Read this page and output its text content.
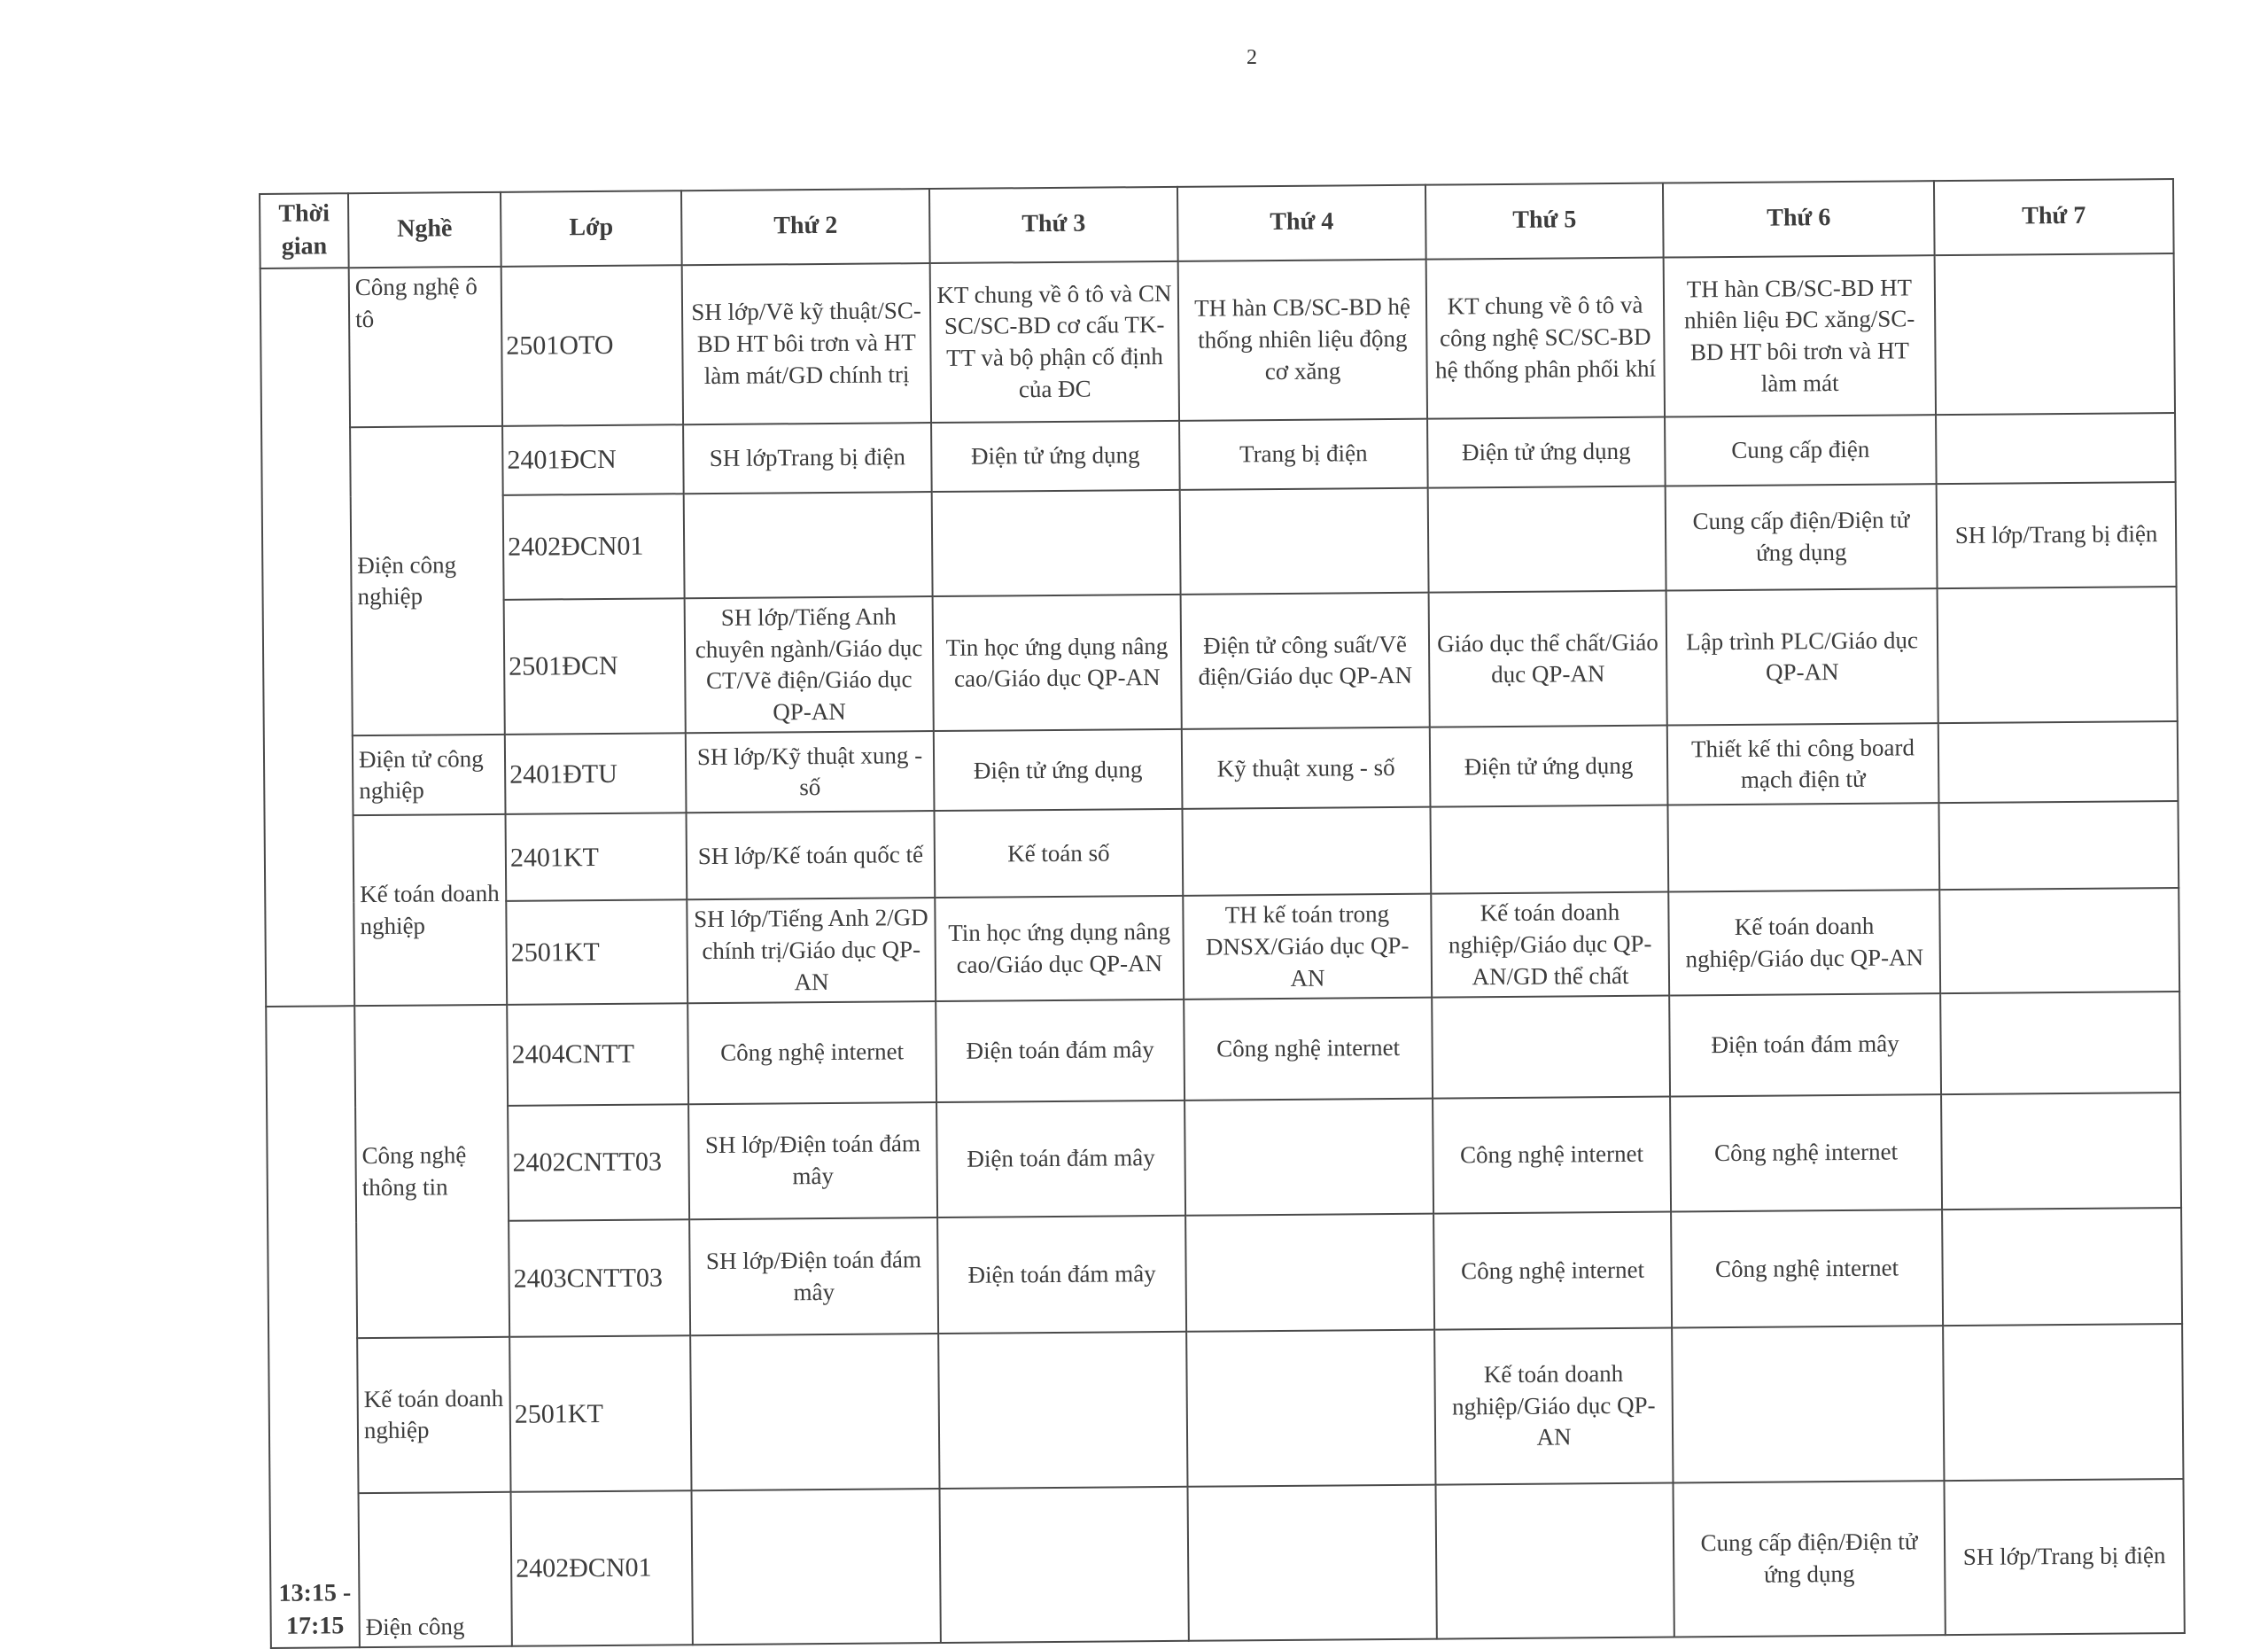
2
Thời gian	Nghề	Lớp	Thứ 2	Thứ 3	Thứ 4	Thứ 5	Thứ 6	Thứ 7
	Công nghệ ô tô	2501OTO	SH lớp/Vẽ kỹ thuật/SC-BD HT bôi trơn và HT làm mát/GD chính trị	KT chung về ô tô và CN SC/SC-BD cơ cấu TK-TT và bộ phận cố định của ĐC	TH hàn CB/SC-BD hệ thống nhiên liệu động cơ xăng	KT chung về ô tô và công nghệ SC/SC-BD hệ thống phân phối khí	TH hàn CB/SC-BD HT nhiên liệu ĐC xăng/SC-BD HT bôi trơn và HT làm mát	
	Điện công nghiệp	2401ĐCN	SH lớpTrang bị điện	Điện tử ứng dụng	Trang bị điện	Điện tử ứng dụng	Cung cấp điện	
		2402ĐCN01					Cung cấp điện/Điện tử ứng dụng	SH lớp/Trang bị điện
		2501ĐCN	SH lớp/Tiếng Anh chuyên ngành/Giáo dục CT/Vẽ điện/Giáo dục QP-AN	Tin học ứng dụng nâng cao/Giáo dục QP-AN	Điện tử công suất/Vẽ điện/Giáo dục QP-AN	Giáo dục thể chất/Giáo dục QP-AN	Lập trình PLC/Giáo dục QP-AN	
	Điện tử công nghiệp	2401ĐTU	SH lớp/Kỹ thuật xung - số	Điện tử ứng dụng	Kỹ thuật xung - số	Điện tử ứng dụng	Thiết kế thi công board mạch điện tử	
	Kế toán doanh nghiệp	2401KT	SH lớp/Kế toán quốc tế	Kế toán số				
		2501KT	SH lớp/Tiếng Anh 2/GD chính trị/Giáo dục QP-AN	Tin học ứng dụng nâng cao/Giáo dục QP-AN	TH kế toán trong DNSX/Giáo dục QP-AN	Kế toán doanh nghiệp/Giáo dục QP-AN/GD thể chất	Kế toán doanh nghiệp/Giáo dục QP-AN	

13:15 - 17:15	Công nghệ thông tin	2404CNTT	Công nghệ internet	Điện toán đám mây	Công nghệ internet		Điện toán đám mây	
		2402CNTT03	SH lớp/Điện toán đám mây	Điện toán đám mây		Công nghệ internet	Công nghệ internet	
		2403CNTT03	SH lớp/Điện toán đám mây	Điện toán đám mây		Công nghệ internet	Công nghệ internet	
	Kế toán doanh nghiệp	2501KT				Kế toán doanh nghiệp/Giáo dục QP-AN		
	Điện công	2402ĐCN01					Cung cấp điện/Điện tử ứng dụng	SH lớp/Trang bị điện
